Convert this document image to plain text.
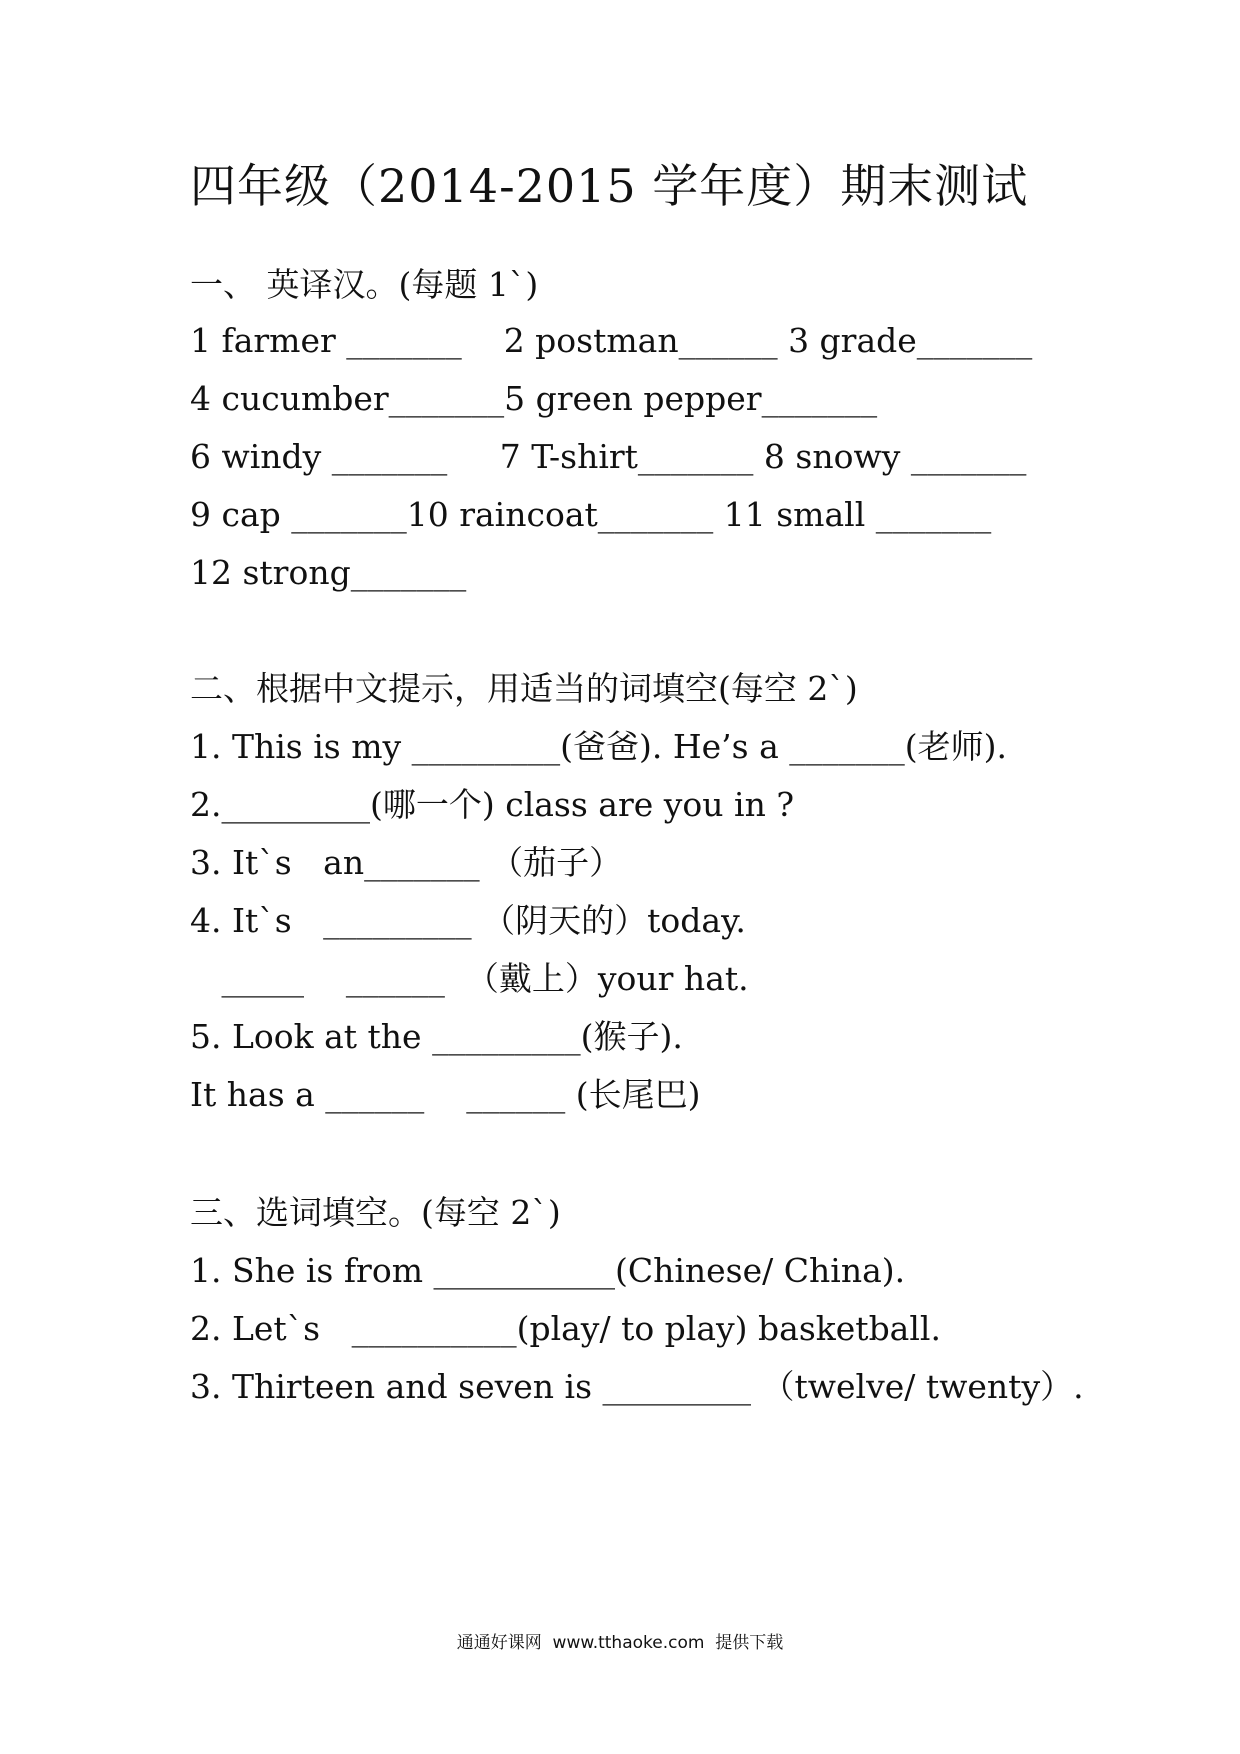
四年级（2014-2015 学年度）期末测试
一、 英译汉。(每题 1`)
1 farmer _______    2 postman______ 3 grade_______
4 cucumber_______5 green pepper_______
6 windy _______     7 T-shirt_______ 8 snowy _______
9 cap _______10 raincoat_______ 11 small _______
12 strong_______
二、根据中文提示，用适当的词填空(每空 2`)
1. This is my _________(爸爸). He’s a _______(老师).
2._________(哪一个) class are you in ?
3. It`s   an_______ （茄子）
4. It`s   _________ （阴天的）today.
_____    ______  （戴上）your hat.
5. Look at the _________(猴子).
It has a ______    ______ (长尾巴)
三、选词填空。(每空 2`)
1. She is from ___________(Chinese/ China).
2. Let`s   __________(play/ to play) basketball.
3. Thirteen and seven is _________ （twelve/ twenty）.
通通好课网  www.tthaoke.com  提供下载
